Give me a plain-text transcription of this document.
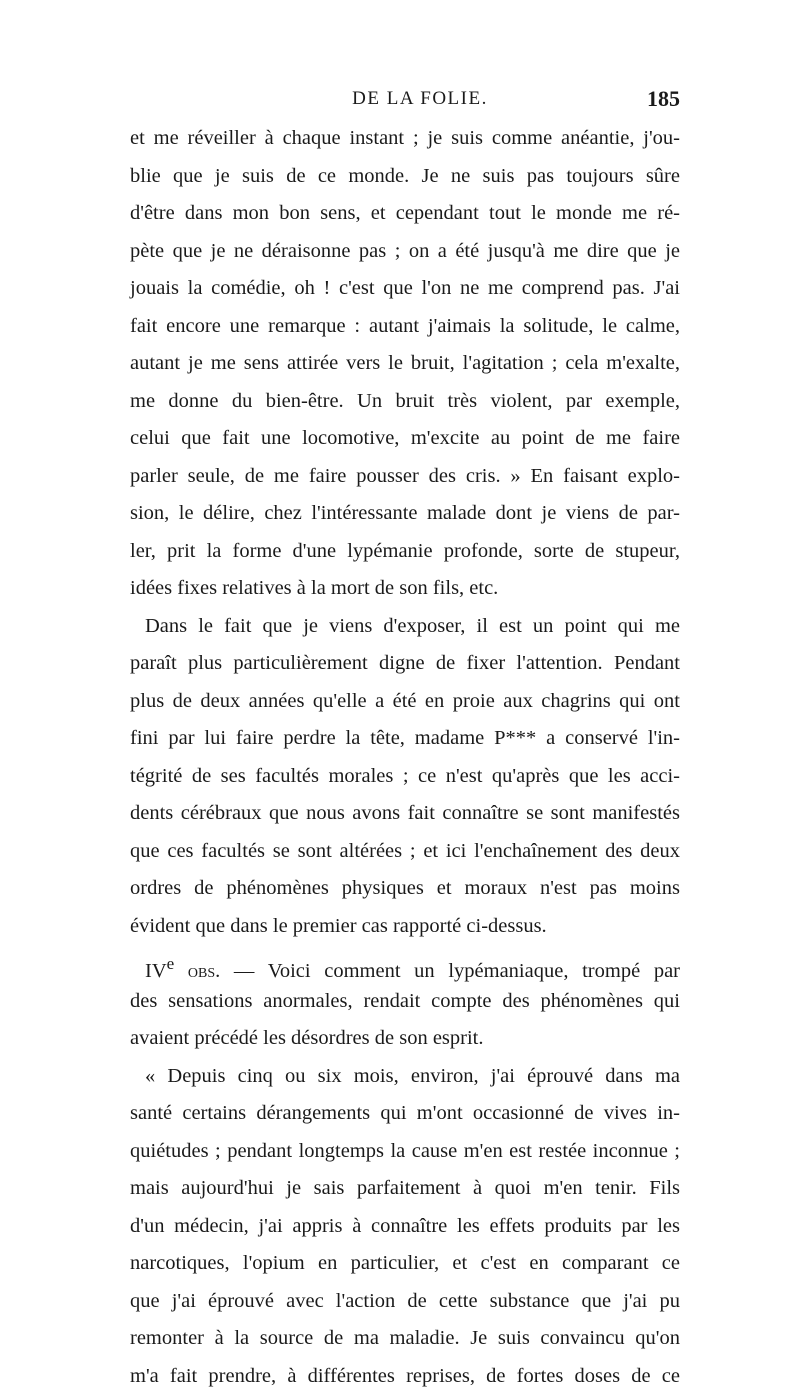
DE LA FOLIE.	185
et me réveiller à chaque instant ; je suis comme anéantie, j'ou-
blie que je suis de ce monde. Je ne suis pas toujours sûre
d'être dans mon bon sens, et cependant tout le monde me ré-
pète que je ne déraisonne pas ; on a été jusqu'à me dire que je
jouais la comédie, oh ! c'est que l'on ne me comprend pas. J'ai
fait encore une remarque : autant j'aimais la solitude, le calme,
autant je me sens attirée vers le bruit, l'agitation ; cela m'exalte,
me donne du bien-être. Un bruit très violent, par exemple,
celui que fait une locomotive, m'excite au point de me faire
parler seule, de me faire pousser des cris. » En faisant explo-
sion, le délire, chez l'intéressante malade dont je viens de par-
ler, prit la forme d'une lypémanie profonde, sorte de stupeur,
idées fixes relatives à la mort de son fils, etc.
Dans le fait que je viens d'exposer, il est un point qui me
paraît plus particulièrement digne de fixer l'attention. Pendant
plus de deux années qu'elle a été en proie aux chagrins qui ont
fini par lui faire perdre la tête, madame P*** a conservé l'in-
tégrité de ses facultés morales ; ce n'est qu'après que les acci-
dents cérébraux que nous avons fait connaître se sont manifestés
que ces facultés se sont altérées ; et ici l'enchaînement des deux
ordres de phénomènes physiques et moraux n'est pas moins
évident que dans le premier cas rapporté ci-dessus.
IVe obs. — Voici comment un lypémaniaque, trompé par
des sensations anormales, rendait compte des phénomènes qui
avaient précédé les désordres de son esprit.
« Depuis cinq ou six mois, environ, j'ai éprouvé dans ma
santé certains dérangements qui m'ont occasionné de vives in-
quiétudes ; pendant longtemps la cause m'en est restée inconnue ;
mais aujourd'hui je sais parfaitement à quoi m'en tenir. Fils
d'un médecin, j'ai appris à connaître les effets produits par les
narcotiques, l'opium en particulier, et c'est en comparant ce
que j'ai éprouvé avec l'action de cette substance que j'ai pu
remonter à la source de ma maladie. Je suis convaincu qu'on
m'a fait prendre, à différentes reprises, de fortes doses de ce
